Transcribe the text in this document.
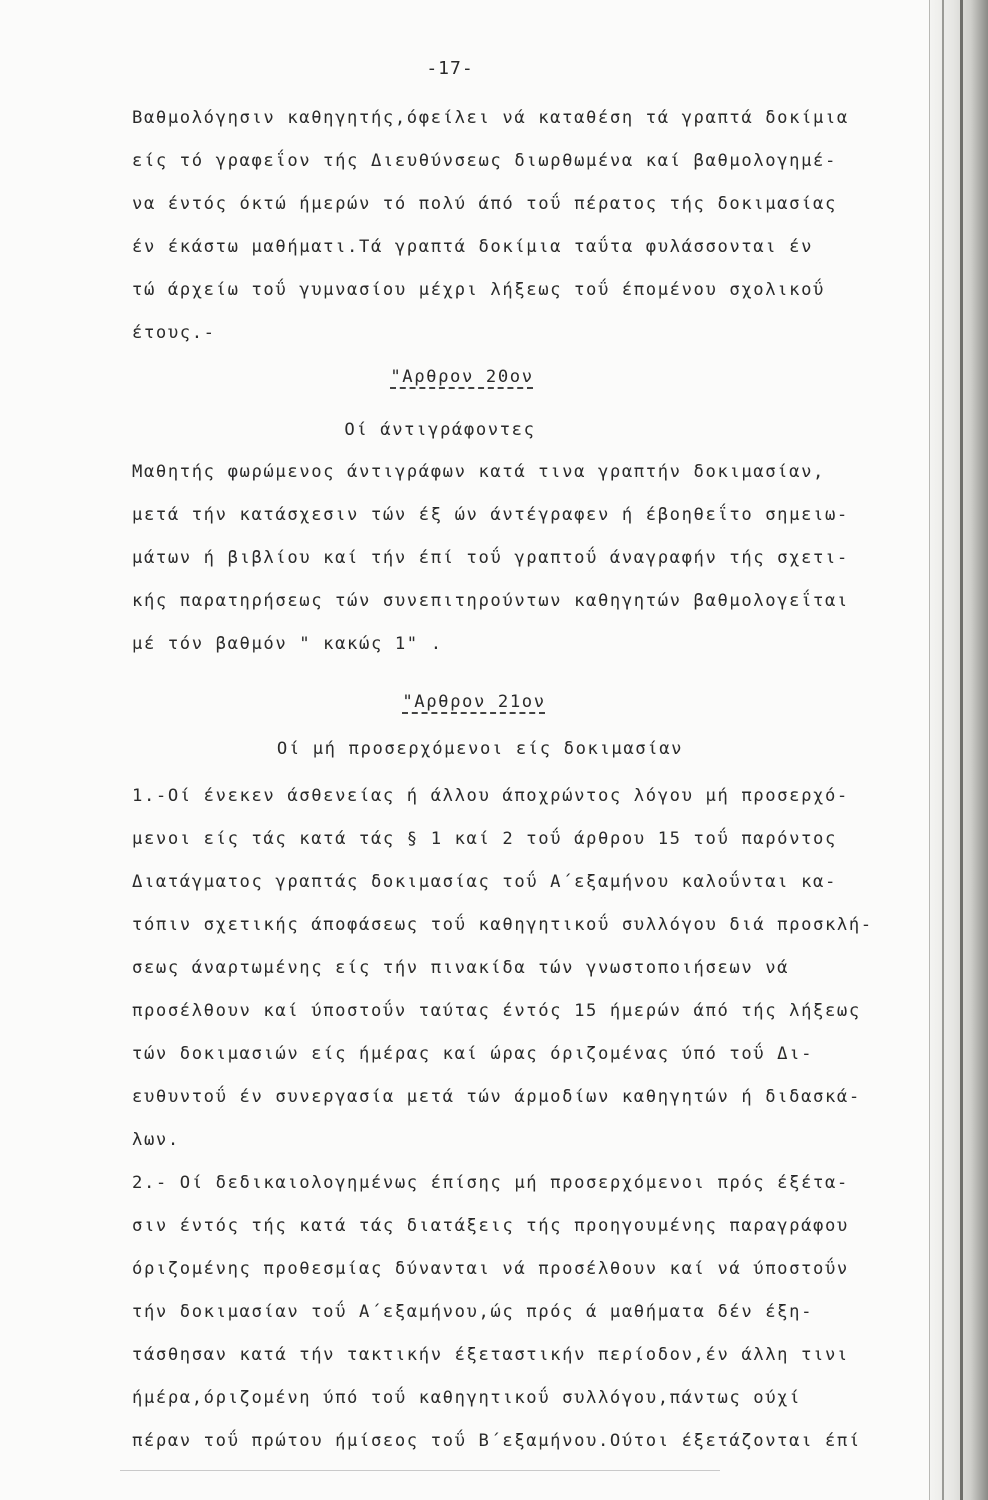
-17-
Βαθμολόγησιν καθηγητής,όφείλει νά καταθέση τά γραπτά δοκίμια
είς τό γραφεΐον τής Διευθύνσεως διωρθωμένα καί βαθμολογημέ-
να έντός όκτώ ήμερών τό πολύ άπό τοΰ πέρατος τής δοκιμασίας
έν έκάστω μαθήματι.Τά γραπτά δοκίμια ταΰτα φυλάσσονται έν
τώ άρχείω τοΰ γυμνασίου μέχρι λήξεως τοΰ έπομένου σχολικοΰ
έτους.-
"Αρθρον 20ον
Οί άντιγράφοντες
Μαθητής φωρώμενος άντιγράφων κατά τινα γραπτήν δοκιμασίαν,
μετά τήν κατάσχεσιν τών έξ ών άντέγραφεν ή έβοηθεΐτο σημειω-
μάτων ή βιβλίου καί τήν έπί τοΰ γραπτοΰ άναγραφήν τής σχετι-
κής παρατηρήσεως τών συνεπιτηρούντων καθηγητών βαθμολογεΐται
μέ τόν βαθμόν " κακώς 1" .
"Αρθρον 21ον
Οί μή προσερχόμενοι είς δοκιμασίαν
1.-Οί ένεκεν άσθενείας ή άλλου άποχρώντος λόγου μή προσερχό-
μενοι είς τάς κατά τάς § 1 καί 2 τοΰ άρθρου 15 τοΰ παρόντος
Διατάγματος γραπτάς δοκιμασίας τοΰ Α΄εξαμήνου καλοΰνται κα-
τόπιν σχετικής άποφάσεως τοΰ καθηγητικοΰ συλλόγου διά προσκλή-
σεως άναρτωμένης είς τήν πινακίδα τών γνωστοποιήσεων νά
προσέλθουν καί ύποστοΰν ταύτας έντός 15 ήμερών άπό τής λήξεως
τών δοκιμασιών είς ήμέρας καί ώρας όριζομένας ύπό τοΰ Δι-
ευθυντοΰ έν συνεργασία μετά τών άρμοδίων καθηγητών ή διδασκά-
λων.
2.- Οί δεδικαιολογημένως έπίσης μή προσερχόμενοι πρός έξέτα-
σιν έντός τής κατά τάς διατάξεις τής προηγουμένης παραγράφου
όριζομένης προθεσμίας δύνανται νά προσέλθουν καί νά ύποστοΰν
τήν δοκιμασίαν τοΰ Α΄εξαμήνου,ώς πρός ά μαθήματα δέν έξη-
τάσθησαν κατά τήν τακτικήν έξεταστικήν περίοδον,έν άλλη τινι
ήμέρα,όριζομένη ύπό τοΰ καθηγητικοΰ συλλόγου,πάντως ούχί
πέραν τοΰ πρώτου ήμίσεος τοΰ Β΄εξαμήνου.Ούτοι έξετάζονται έπί
